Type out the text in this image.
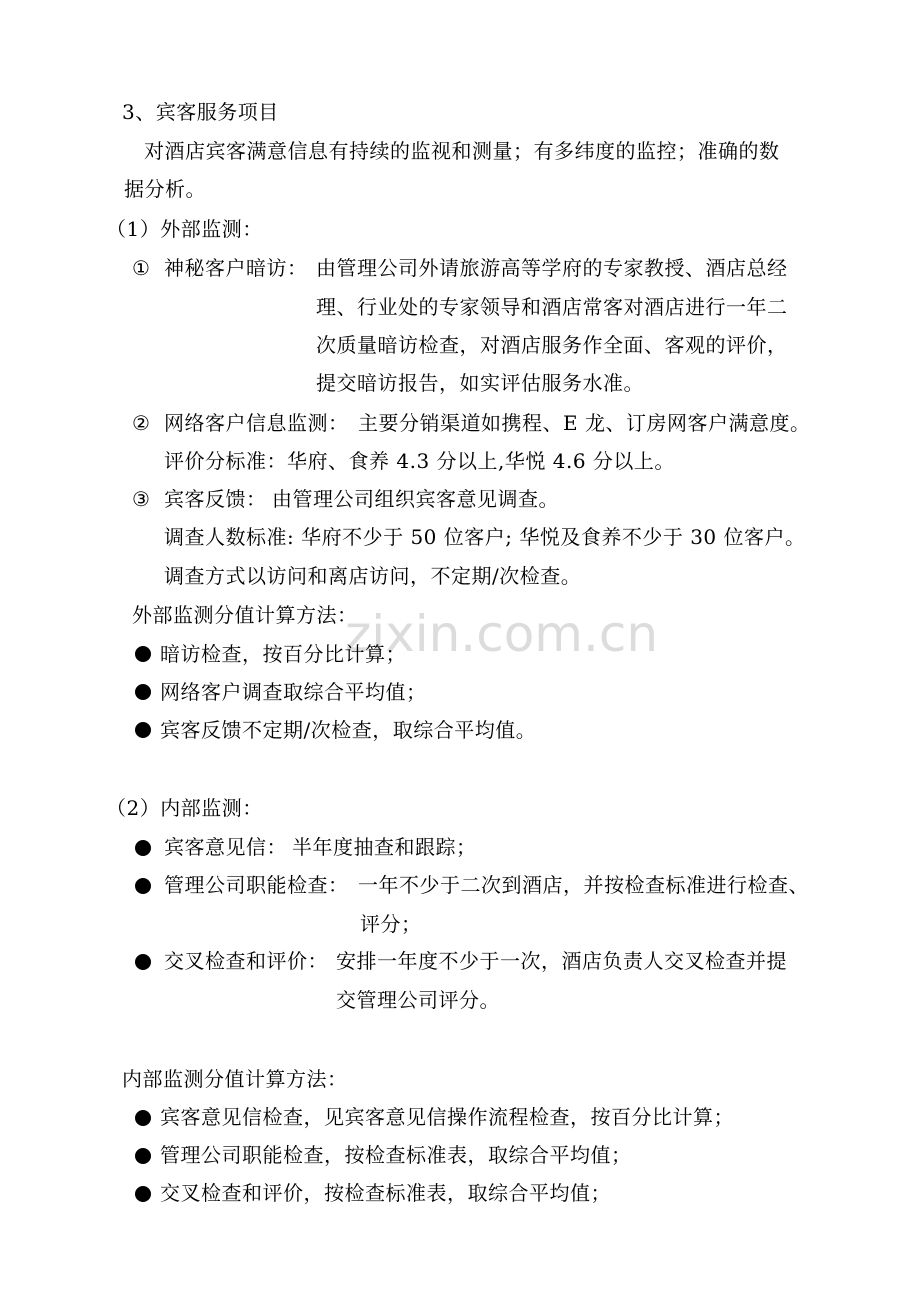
zixin.com.cn
3、宾客服务项目
对酒店宾客满意信息有持续的监视和测量；有多纬度的监控；准确的数
据分析。
（1）外部监测：
① 神秘客户暗访： 由管理公司外请旅游高等学府的专家教授、酒店总经
理、行业处的专家领导和酒店常客对酒店进行一年二
次质量暗访检查，对酒店服务作全面、客观的评价，
提交暗访报告，如实评估服务水准。
② 网络客户信息监测： 主要分销渠道如携程、E 龙、订房网客户满意度。
评价分标准：华府、食养 4.3 分以上,华悦 4.6 分以上。
③ 宾客反馈： 由管理公司组织宾客意见调查。
调查人数标准: 华府不少于 50 位客户; 华悦及食养不少于 30 位客户。
调查方式以访问和离店访问，不定期/次检查。
外部监测分值计算方法：
暗访检查，按百分比计算；
网络客户调查取综合平均值；
宾客反馈不定期/次检查，取综合平均值。
（2）内部监测：
宾客意见信： 半年度抽查和跟踪；
管理公司职能检查： 一年不少于二次到酒店，并按检查标准进行检查、
评分；
交叉检查和评价： 安排一年度不少于一次，酒店负责人交叉检查并提
交管理公司评分。
内部监测分值计算方法：
宾客意见信检查，见宾客意见信操作流程检查，按百分比计算；
管理公司职能检查，按检查标准表，取综合平均值；
交叉检查和评价，按检查标准表，取综合平均值；
